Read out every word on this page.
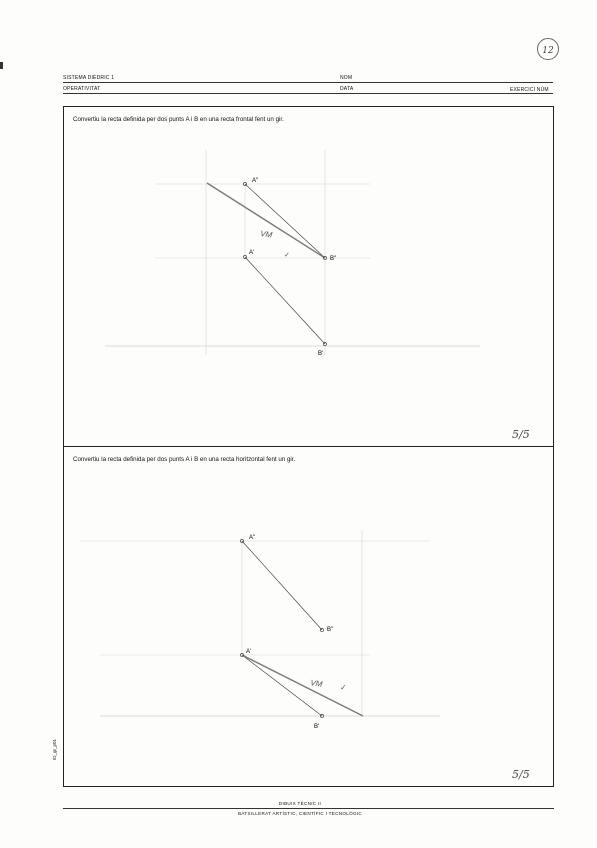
12
SISTEMA DIÈDRIC 1
OPERATIVITAT
NOM
DATA	EXERCICI NÚM
Convertiu la recta definida per dos punts A i B en una recta frontal fent un gir.
A''
B''
A'
B'
VM
✓
5/5
Convertiu la recta definida per dos punts A i B en una recta horitzontal fent un gir.
A''
B''
A'
B'
VM ✓
5/5
ID_gr_p01
DIBUIX TÈCNIC II
BATXILLERAT ARTÍSTIC, CIENTÍFIC I TECNOLÒGIC
